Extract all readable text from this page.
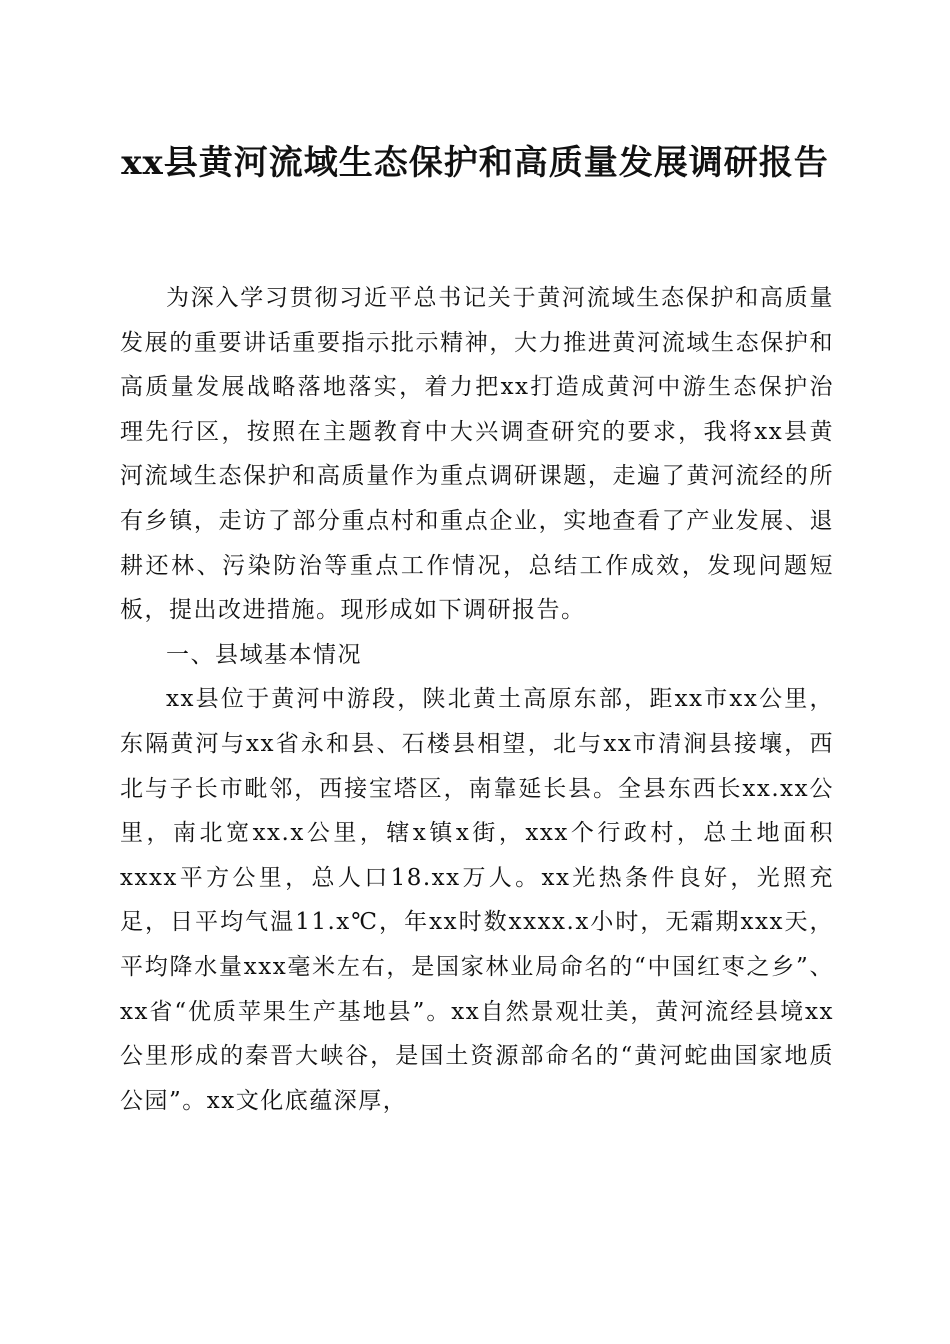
xx县黄河流域生态保护和高质量发展调研报告

为深入学习贯彻习近平总书记关于黄河流域生态保护和高质量发展的重要讲话重要指示批示精神，大力推进黄河流域生态保护和高质量发展战略落地落实，着力把xx打造成黄河中游生态保护治理先行区，按照在主题教育中大兴调查研究的要求，我将xx县黄河流域生态保护和高质量作为重点调研课题，走遍了黄河流经的所有乡镇，走访了部分重点村和重点企业，实地查看了产业发展、退耕还林、污染防治等重点工作情况，总结工作成效，发现问题短板，提出改进措施。现形成如下调研报告。

一、县域基本情况

xx县位于黄河中游段，陕北黄土高原东部，距xx市xx公里，东隔黄河与xx省永和县、石楼县相望，北与xx市清涧县接壤，西北与子长市毗邻，西接宝塔区，南靠延长县。全县东西长xx.xx公里，南北宽xx.x公里，辖x镇x街，xxx个行政村，总土地面积xxxx平方公里，总人口18.xx万人。xx光热条件良好，光照充足，日平均气温11.x℃，年xx时数xxxx.x小时，无霜期xxx天，平均降水量xxx毫米左右，是国家林业局命名的“中国红枣之乡”、xx省“优质苹果生产基地县”。xx自然景观壮美，黄河流经县境xx公里形成的秦晋大峡谷，是国土资源部命名的“黄河蛇曲国家地质公园”。xx文化底蕴深厚，
